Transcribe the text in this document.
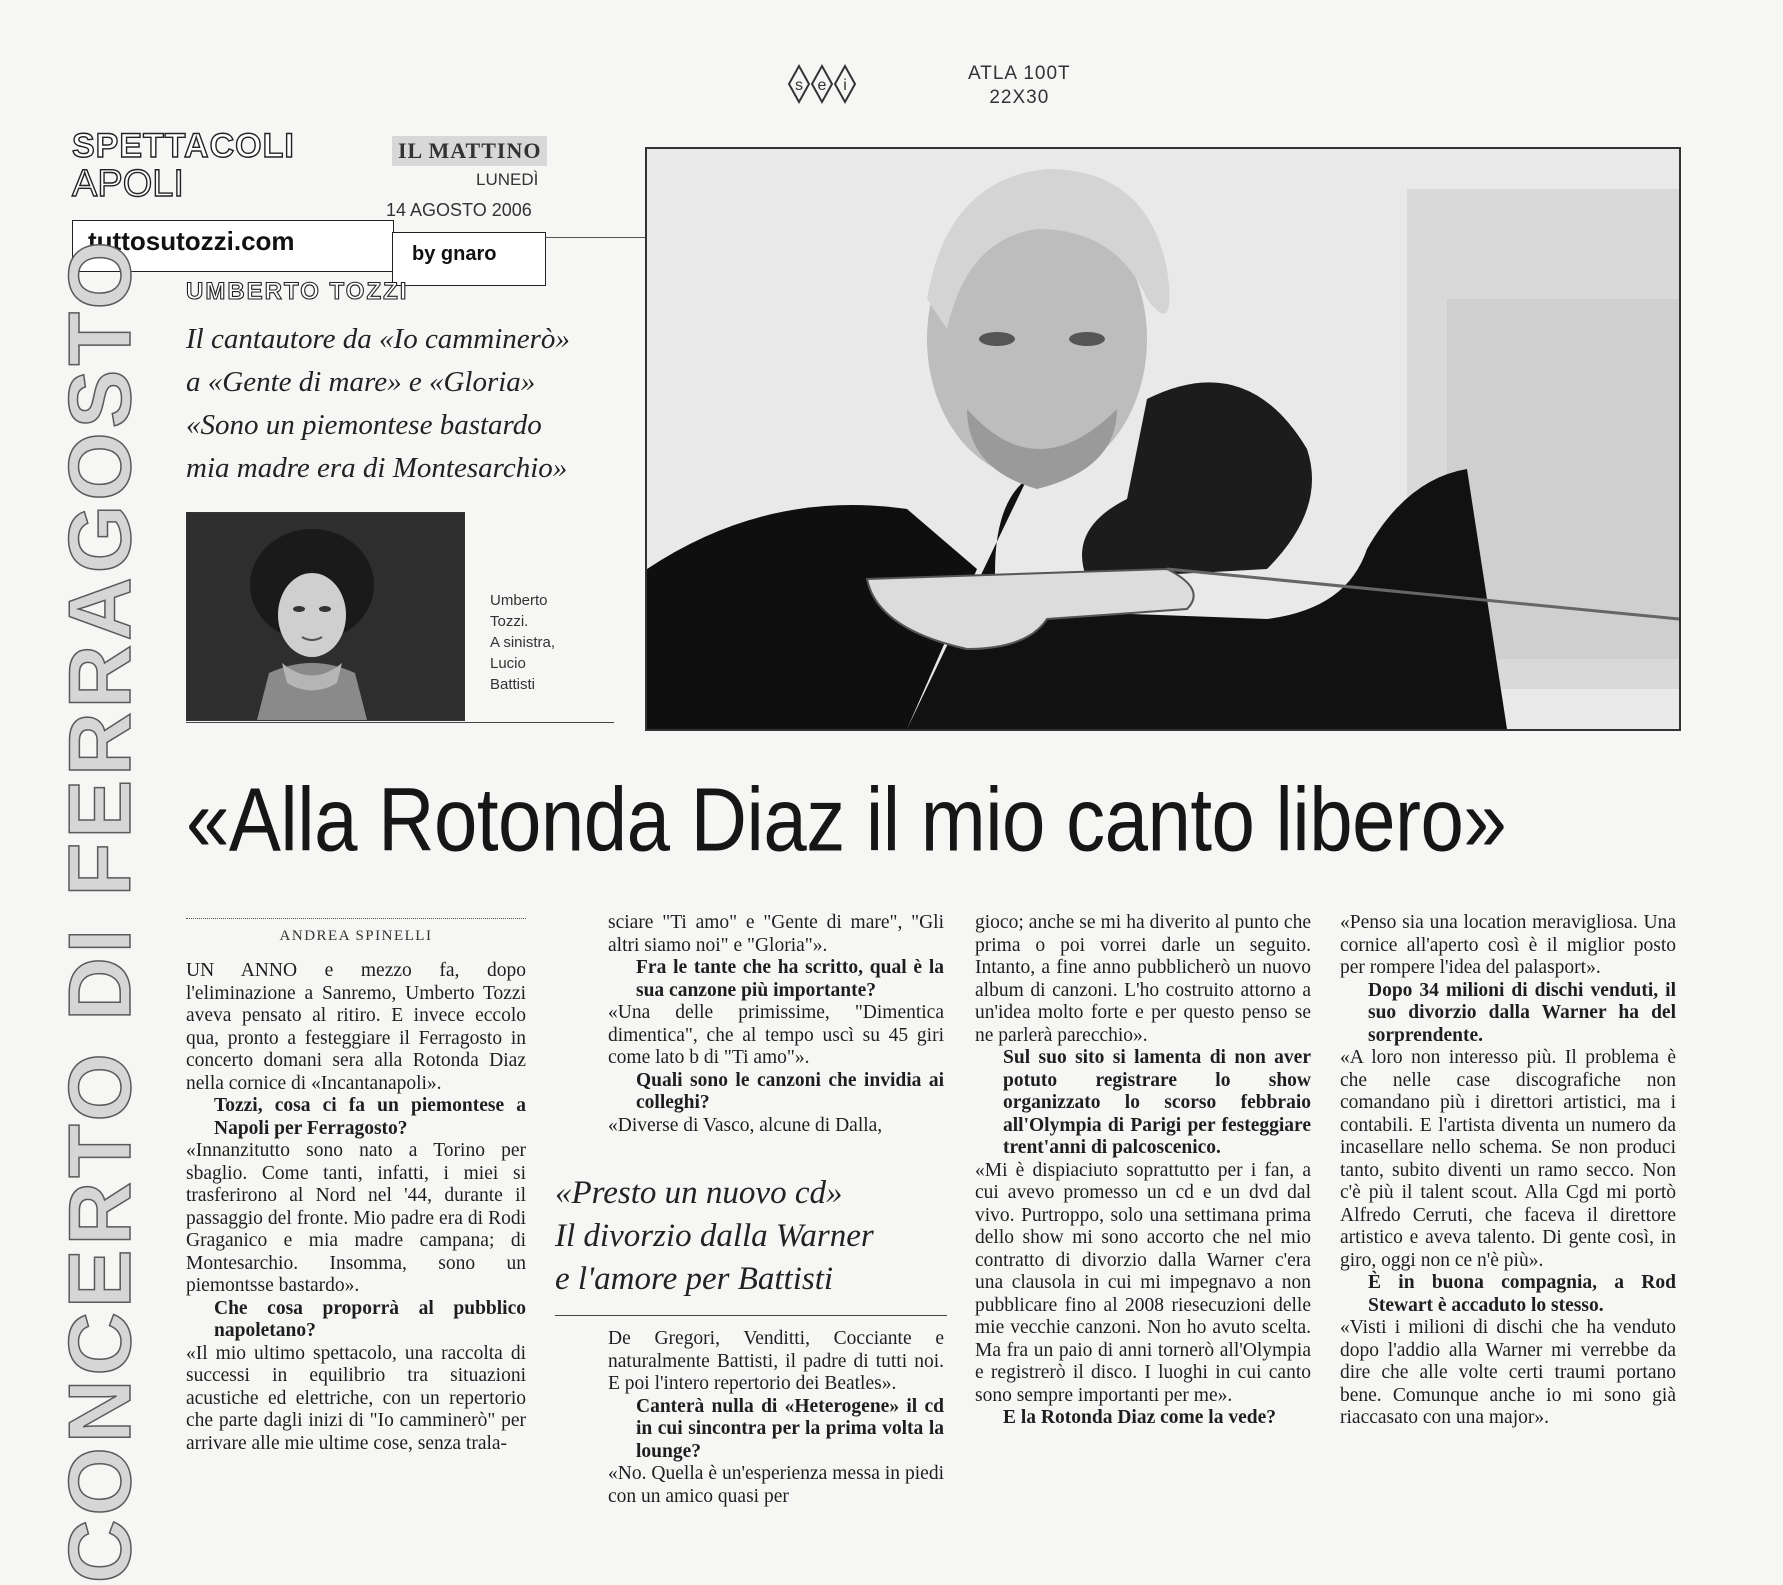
s e i
ATLA 100T
22X30
SPETTACOLI
APOLI
IL MATTINO
LUNEDÌ
14 AGOSTO 2006
tuttosutozzi.com	by gnaro
CONCERTO DI FERRAGOSTO UMBERTO TOZZI
Il cantautore da «Io camminerò»
a «Gente di mare» e «Gloria»
«Sono un piemontese bastardo
mia madre era di Montesarchio»
Umberto
Tozzi.
A sinistra,
Lucio
Battisti
«Alla Rotonda Diaz il mio canto libero»
ANDREA SPINELLI
«Presto un nuovo cd»
Il divorzio dalla Warner
e l'amore per Battisti

UN ANNO e mezzo fa, dopo l'eliminazione a Sanremo, Umberto Tozzi aveva pensato al ritiro. E invece eccolo qua, pronto a festeggiare il Ferragosto in concerto domani sera alla Rotonda Diaz nella cornice di «Incantanapoli».

Tozzi, cosa ci fa un piemontese a Napoli per Ferragosto?

«Innanzitutto sono nato a Torino per sbaglio. Come tanti, infatti, i miei si trasferirono al Nord nel '44, durante il passaggio del fronte. Mio padre era di Rodi Graganico e mia madre campana; di Montesarchio. Insomma, sono un piemontsse bastardo».

Che cosa proporrà al pubblico napoletano?

«Il mio ultimo spettacolo, una raccolta di successi in equilibrio tra situazioni acustiche ed elettriche, con un repertorio che parte dagli inizi di "Io camminerò" per arrivare alle mie ultime cose, senza trala-

sciare "Ti amo" e "Gente di mare", "Gli altri siamo noi" e "Gloria"».

Fra le tante che ha scritto, qual è la sua canzone più importante?

«Una delle primissime, "Dimentica dimentica", che al tempo uscì su 45 giri come lato b di "Ti amo"».

Quali sono le canzoni che invidia ai colleghi?

«Diverse di Vasco, alcune di Dalla,

De Gregori, Venditti, Cocciante e naturalmente Battisti, il padre di tutti noi. E poi l'intero repertorio dei Beatles».

Canterà nulla di «Heterogene» il cd in cui sincontra per la prima volta la lounge?

«No. Quella è un'esperienza messa in piedi con un amico quasi per

gioco; anche se mi ha diverito al punto che prima o poi vorrei darle un seguito. Intanto, a fine anno pubblicherò un nuovo album di canzoni. L'ho costruito attorno a un'idea molto forte e per questo penso se ne parlerà parecchio».

Sul suo sito si lamenta di non aver potuto registrare lo show organizzato lo scorso febbraio all'Olympia di Parigi per festeggiare trent'anni di palcoscenico.

«Mi è dispiaciuto soprattutto per i fan, a cui avevo promesso un cd e un dvd dal vivo. Purtroppo, solo una settimana prima dello show mi sono accorto che nel mio contratto di divorzio dalla Warner c'era una clausola in cui mi impegnavo a non pubblicare fino al 2008 riesecuzioni delle mie vecchie canzoni. Non ho avuto scelta. Ma fra un paio di anni tornerò all'Olympia e registrerò il disco. I luoghi in cui canto sono sempre importanti per me».

E la Rotonda Diaz come la vede?

«Penso sia una location meravigliosa. Una cornice all'aperto così è il miglior posto per rompere l'idea del palasport».

Dopo 34 milioni di dischi venduti, il suo divorzio dalla Warner ha del sorprendente.

«A loro non interesso più. Il problema è che nelle case discografiche non comandano più i direttori artistici, ma i contabili. E l'artista diventa un numero da incasellare nello schema. Se non produci tanto, subito diventi un ramo secco. Non c'è più il talent scout. Alla Cgd mi portò Alfredo Cerruti, che faceva il direttore artistico e aveva talento. Di gente così, in giro, oggi non ce n'è più».

È in buona compagnia, a Rod Stewart è accaduto lo stesso.

«Visti i milioni di dischi che ha venduto dopo l'addio alla Warner mi verrebbe da dire che alle volte certi traumi portano bene. Comunque anche io mi sono già riaccasato con una major».
